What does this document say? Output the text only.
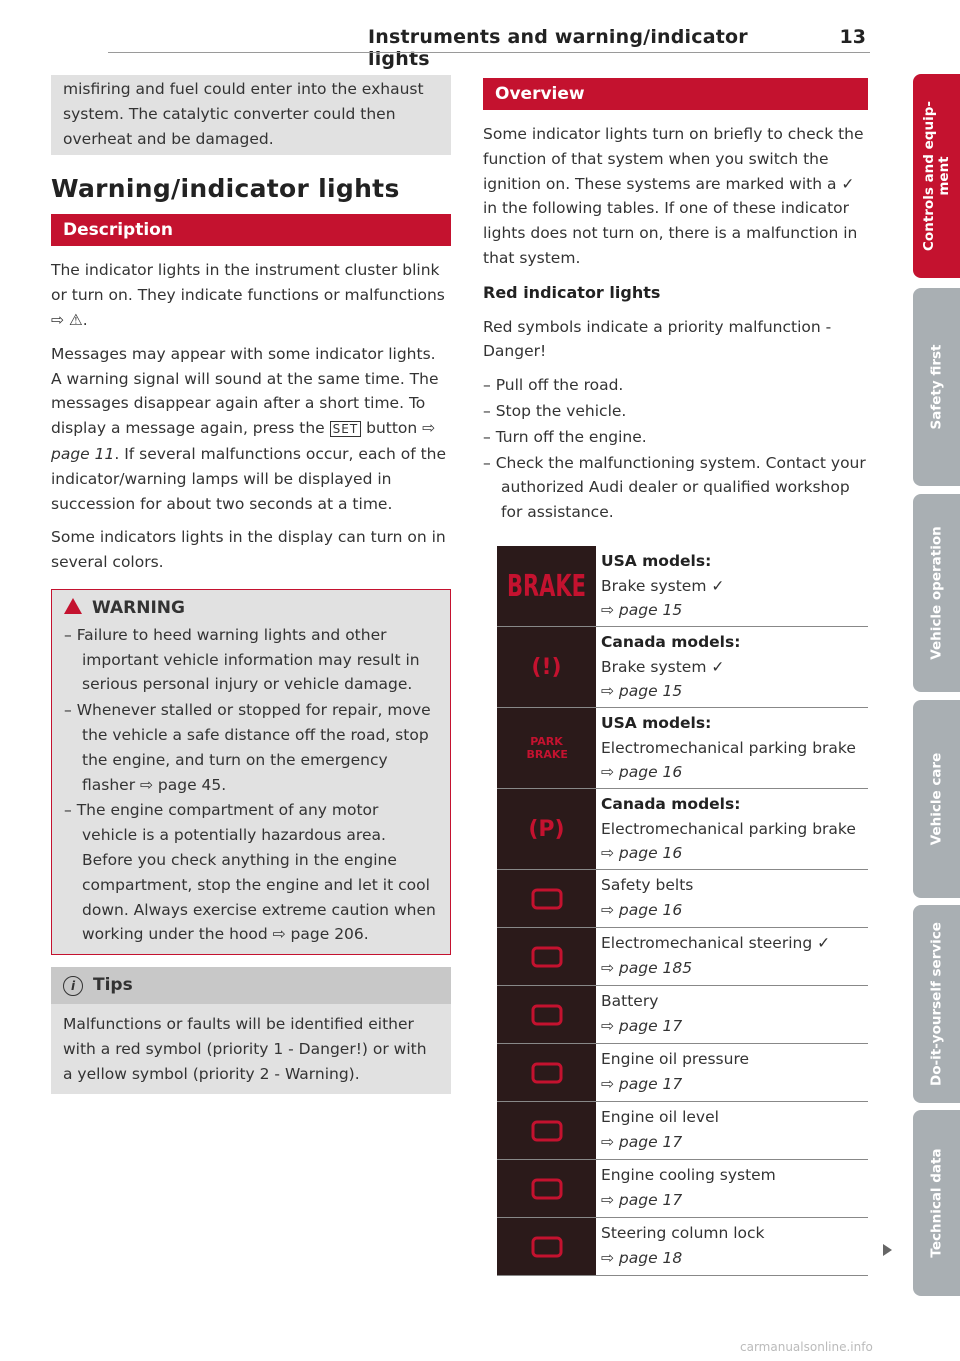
Instruments and warning/indicator lights
13
misfiring and fuel could enter into the exhaust system. The catalytic converter could then overheat and be damaged.
Warning/indicator lights
Description

The indicator lights in the instrument cluster blink or turn on. They indicate functions or malfunctions ⇨ ⚠.

Messages may appear with some indicator lights. A warning signal will sound at the same time. The messages disappear again after a short time. To display a message again, press the SET button ⇨ page 11. If several malfunctions occur, each of the indicator/warning lamps will be displayed in succession for about two seconds at a time.

Some indicators lights in the display can turn on in several colors.

WARNING
– Failure to heed warning lights and other important vehicle information may result in serious personal injury or vehicle damage.
– Whenever stalled or stopped for repair, move the vehicle a safe distance off the road, stop the engine, and turn on the emergency flasher ⇨ page 45.
– The engine compartment of any motor vehicle is a potentially hazardous area. Before you check anything in the engine compartment, stop the engine and let it cool down. Always exercise extreme caution when working under the hood ⇨ page 206.
i Tips
Malfunctions or faults will be identified either with a red symbol (priority 1 - Danger!) or with a yellow symbol (priority 2 - Warning).
Overview

Some indicator lights turn on briefly to check the function of that system when you switch the ignition on. These systems are marked with a ✓ in the following tables. If one of these indicator lights does not turn on, there is a malfunction in that system.

Red indicator lights

Red symbols indicate a priority malfunction - Danger!

– Pull off the road.
– Stop the vehicle.
– Turn off the engine.
– Check the malfunctioning system. Contact your authorized Audi dealer or qualified workshop for assistance.
BRAKE
USA models:
Brake system ✓
⇨ page 15
(!)
Canada models:
Brake system ✓
⇨ page 15
PARK BRAKE
USA models:
Electromechanical parking brake
⇨ page 16
(P)
Canada models:
Electromechanical parking brake
⇨ page 16
Safety belts
⇨ page 16
Electromechanical steering ✓
⇨ page 185
Battery
⇨ page 17
Engine oil pressure
⇨ page 17
Engine oil level
⇨ page 17
Engine cooling system
⇨ page 17
Steering column lock
⇨ page 18
Controls and equip-
ment
Safety first
Vehicle operation
Vehicle care
Do-it-yourself service
Technical data
carmanualsonline.info
